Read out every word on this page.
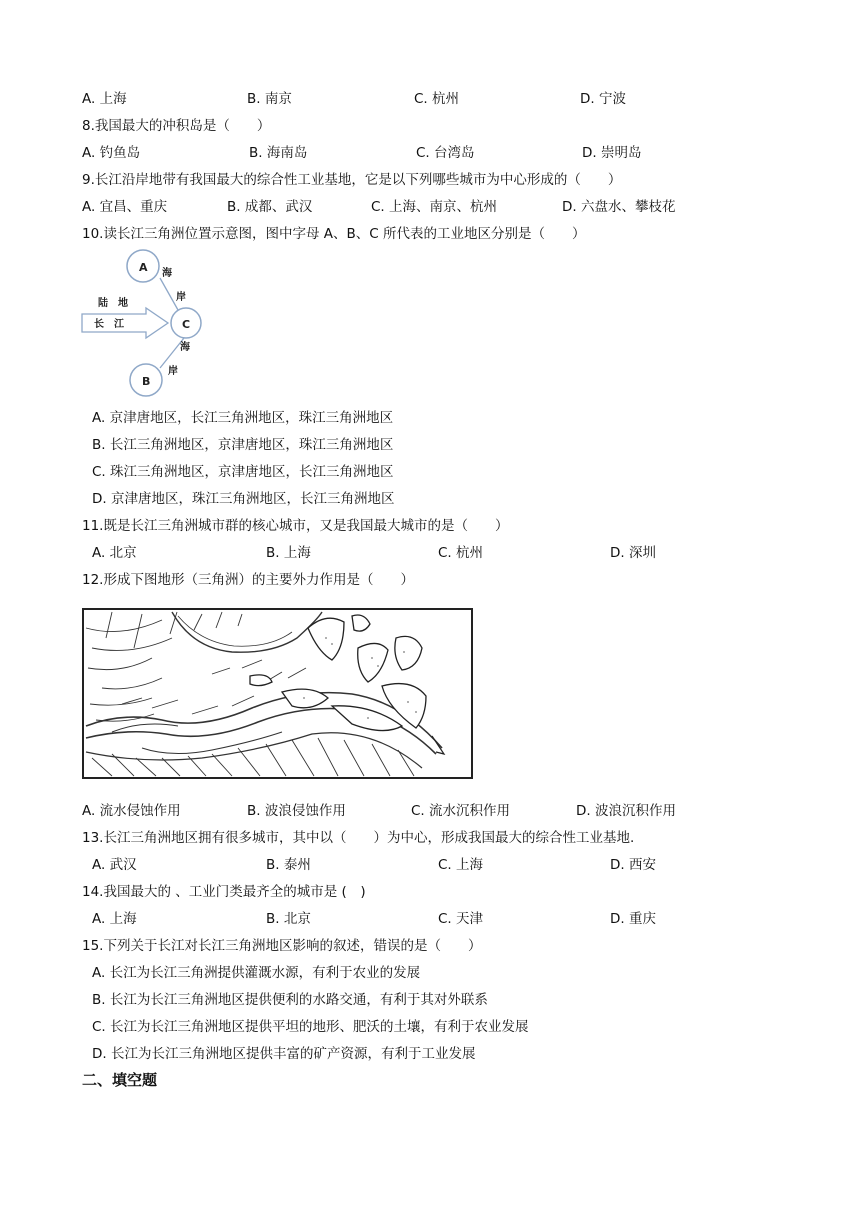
A. 上海	B. 南京	C. 杭州	D. 宁波
8.我国最大的冲积岛是（　　）
A. 钓鱼岛	B. 海南岛	C. 台湾岛	D. 崇明岛
9.长江沿岸地带有我国最大的综合性工业基地，它是以下列哪些城市为中心形成的（　　）
A. 宜昌、重庆	B. 成都、武汉	C. 上海、南京、杭州	D. 六盘水、攀枝花
10.读长江三角洲位置示意图，图中字母 A、B、C 所代表的工业地区分别是（　　）
A
C
B
海
岸
海
岸
陆　地
长　江
A. 京津唐地区，长江三角洲地区，珠江三角洲地区
B. 长江三角洲地区，京津唐地区，珠江三角洲地区
C. 珠江三角洲地区，京津唐地区，长江三角洲地区
D. 京津唐地区，珠江三角洲地区，长江三角洲地区
11.既是长江三角洲城市群的核心城市，又是我国最大城市的是（　　）
A. 北京	B. 上海	C. 杭州	D. 深圳
12.形成下图地形（三角洲）的主要外力作用是（　　）
A. 流水侵蚀作用	B. 波浪侵蚀作用	C. 流水沉积作用	D. 波浪沉积作用
13.长江三角洲地区拥有很多城市，其中以（　　）为中心，形成我国最大的综合性工业基地.
A. 武汉	B. 泰州	C. 上海	D. 西安
14.我国最大的 、工业门类最齐全的城市是 (　)
A. 上海	B. 北京	C. 天津	D. 重庆
15.下列关于长江对长江三角洲地区影响的叙述，错误的是（　　）
A. 长江为长江三角洲提供灌溉水源，有利于农业的发展
B. 长江为长江三角洲地区提供便利的水路交通，有利于其对外联系
C. 长江为长江三角洲地区提供平坦的地形、肥沃的土壤，有利于农业发展
D. 长江为长江三角洲地区提供丰富的矿产资源，有利于工业发展
二、填空题
